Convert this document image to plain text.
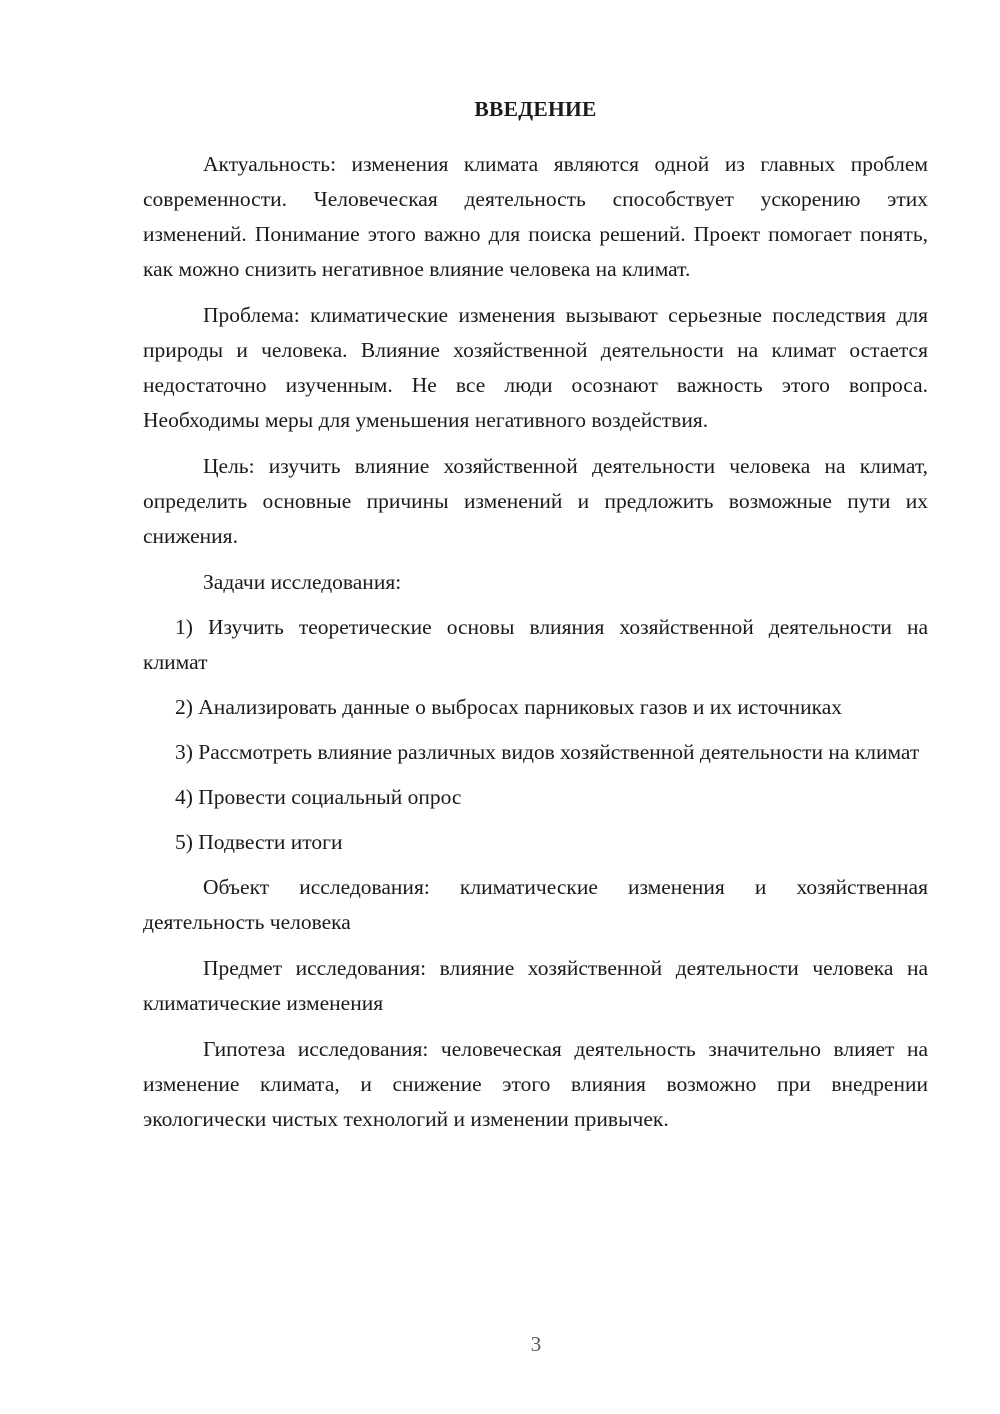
ВВЕДЕНИЕ

Актуальность: изменения климата являются одной из главных проблем современности. Человеческая деятельность способствует ускорению этих изменений. Понимание этого важно для поиска решений. Проект помогает понять, как можно снизить негативное влияние человека на климат.

Проблема: климатические изменения вызывают серьезные последствия для природы и человека. Влияние хозяйственной деятельности на климат остается недостаточно изученным. Не все люди осознают важность этого вопроса. Необходимы меры для уменьшения негативного воздействия.

Цель: изучить влияние хозяйственной деятельности человека на климат, определить основные причины изменений и предложить возможные пути их снижения.

Задачи исследования:

1) Изучить теоретические основы влияния хозяйственной деятельности на климат

2) Анализировать данные о выбросах парниковых газов и их источниках

3) Рассмотреть влияние различных видов хозяйственной деятельности на климат

4) Провести социальный опрос

5) Подвести итоги

Объект исследования: климатические изменения и хозяйственная деятельность человека

Предмет исследования: влияние хозяйственной деятельности человека на климатические изменения

Гипотеза исследования: человеческая деятельность значительно влияет на изменение климата, и снижение этого влияния возможно при внедрении экологически чистых технологий и изменении привычек.

3
